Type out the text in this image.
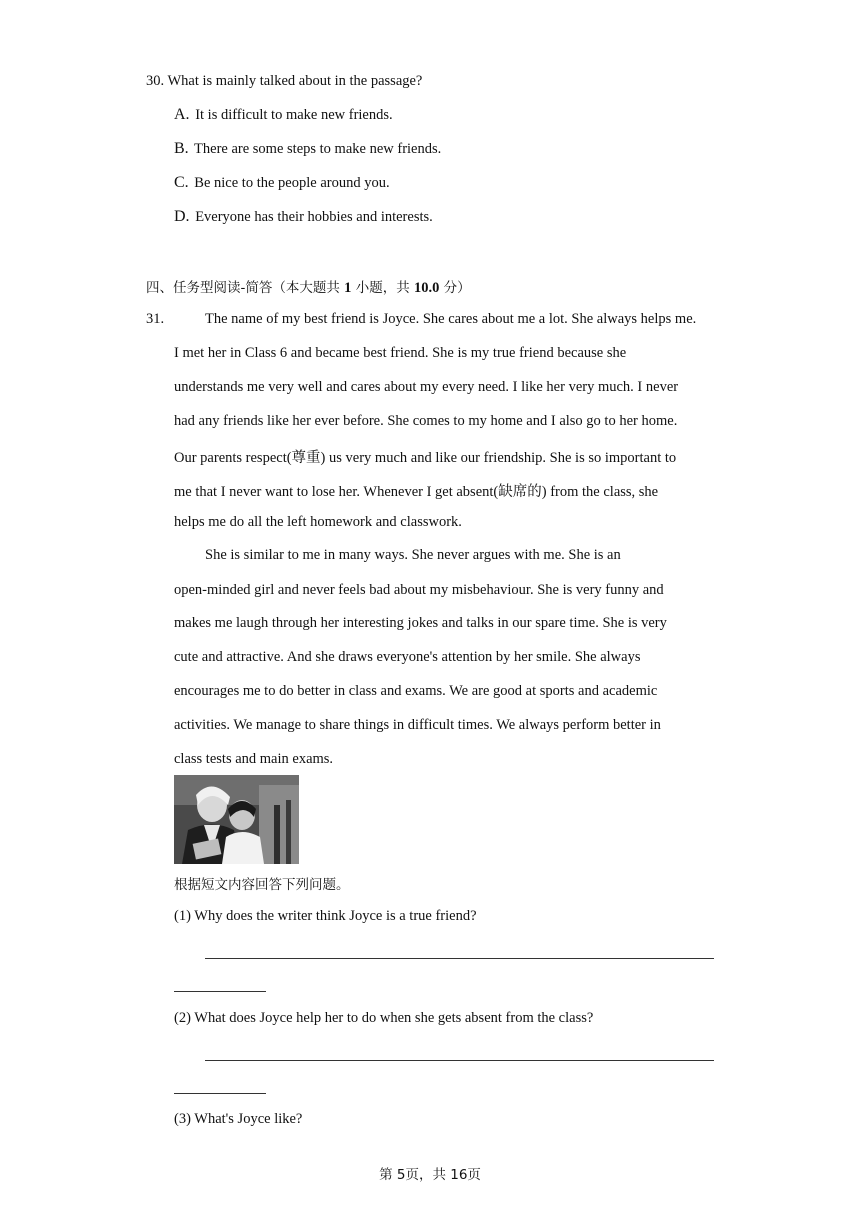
30. What is mainly talked about in the passage?
A. It is difficult to make new friends.
B. There are some steps to make new friends.
C. Be nice to the people around you.
D. Everyone has their hobbies and interests.
四、任务型阅读-简答（本大题共 1 小题，共 10.0 分）
31.	The name of my best friend is Joyce. She cares about me a lot. She always helps me.
I met her in Class 6 and became best friend. She is my true friend because she
understands me very well and cares about my every need. I like her very much. I never
had any friends like her ever before. She comes to my home and I also go to her home.
Our parents respect(尊重) us very much and like our friendship. She is so important to
me that I never want to lose her. Whenever I get absent(缺席的) from the class, she
helps me do all the left homework and classwork.
She is similar to me in many ways. She never argues with me. She is an
open-minded girl and never feels bad about my misbehaviour. She is very funny and
makes me laugh through her interesting jokes and talks in our spare time. She is very
cute and attractive. And she draws everyone's attention by her smile. She always
encourages me to do better in class and exams. We are good at sports and academic
activities. We manage to share things in difficult times. We always perform better in
class tests and main exams.
根据短文内容回答下列问题。
(1) Why does the writer think Joyce is a true friend?
(2) What does Joyce help her to do when she gets absent from the class?
(3) What's Joyce like?
第 5页，共 16页
